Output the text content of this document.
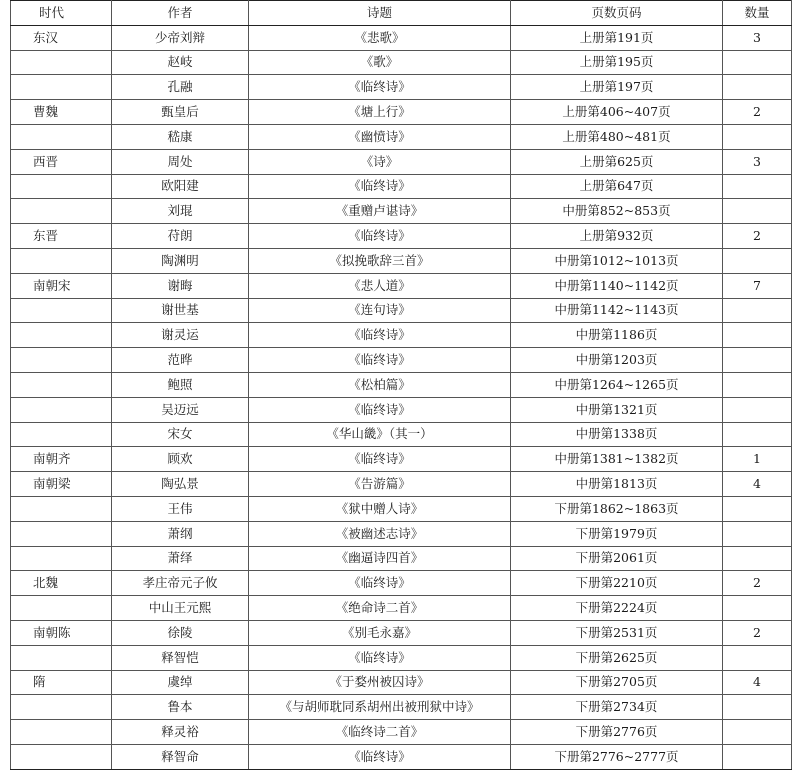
时代	作者	诗题	页数页码	数量
东汉	少帝刘辩	《悲歌》	上册第191页	3
	赵岐	《歌》	上册第195页	
	孔融	《临终诗》	上册第197页	
曹魏	甄皇后	《塘上行》	上册第406~407页	2
	嵇康	《幽愤诗》	上册第480~481页	
西晋	周处	《诗》	上册第625页	3
	欧阳建	《临终诗》	上册第647页	
	刘琨	《重赠卢谌诗》	中册第852~853页	
东晋	苻朗	《临终诗》	上册第932页	2
	陶渊明	《拟挽歌辞三首》	中册第1012~1013页	
南朝宋	谢晦	《悲人道》	中册第1140~1142页	7
	谢世基	《连句诗》	中册第1142~1143页	
	谢灵运	《临终诗》	中册第1186页	
	范晔	《临终诗》	中册第1203页	
	鲍照	《松柏篇》	中册第1264~1265页	
	吴迈远	《临终诗》	中册第1321页	
	宋女	《华山畿》（其一）	中册第1338页	
南朝齐	顾欢	《临终诗》	中册第1381~1382页	1
南朝梁	陶弘景	《告游篇》	中册第1813页	4
	王伟	《狱中赠人诗》	下册第1862~1863页	
	萧纲	《被幽述志诗》	下册第1979页	
	萧绎	《幽逼诗四首》	下册第2061页	
北魏	孝庄帝元子攸	《临终诗》	下册第2210页	2
	中山王元熙	《绝命诗二首》	下册第2224页	
南朝陈	徐陵	《别毛永嘉》	下册第2531页	2
	释智恺	《临终诗》	下册第2625页	
隋	虞绰	《于婺州被囚诗》	下册第2705页	4
	鲁本	《与胡师耽同系胡州出被刑狱中诗》	下册第2734页	
	释灵裕	《临终诗二首》	下册第2776页	
	释智命	《临终诗》	下册第2776~2777页	
